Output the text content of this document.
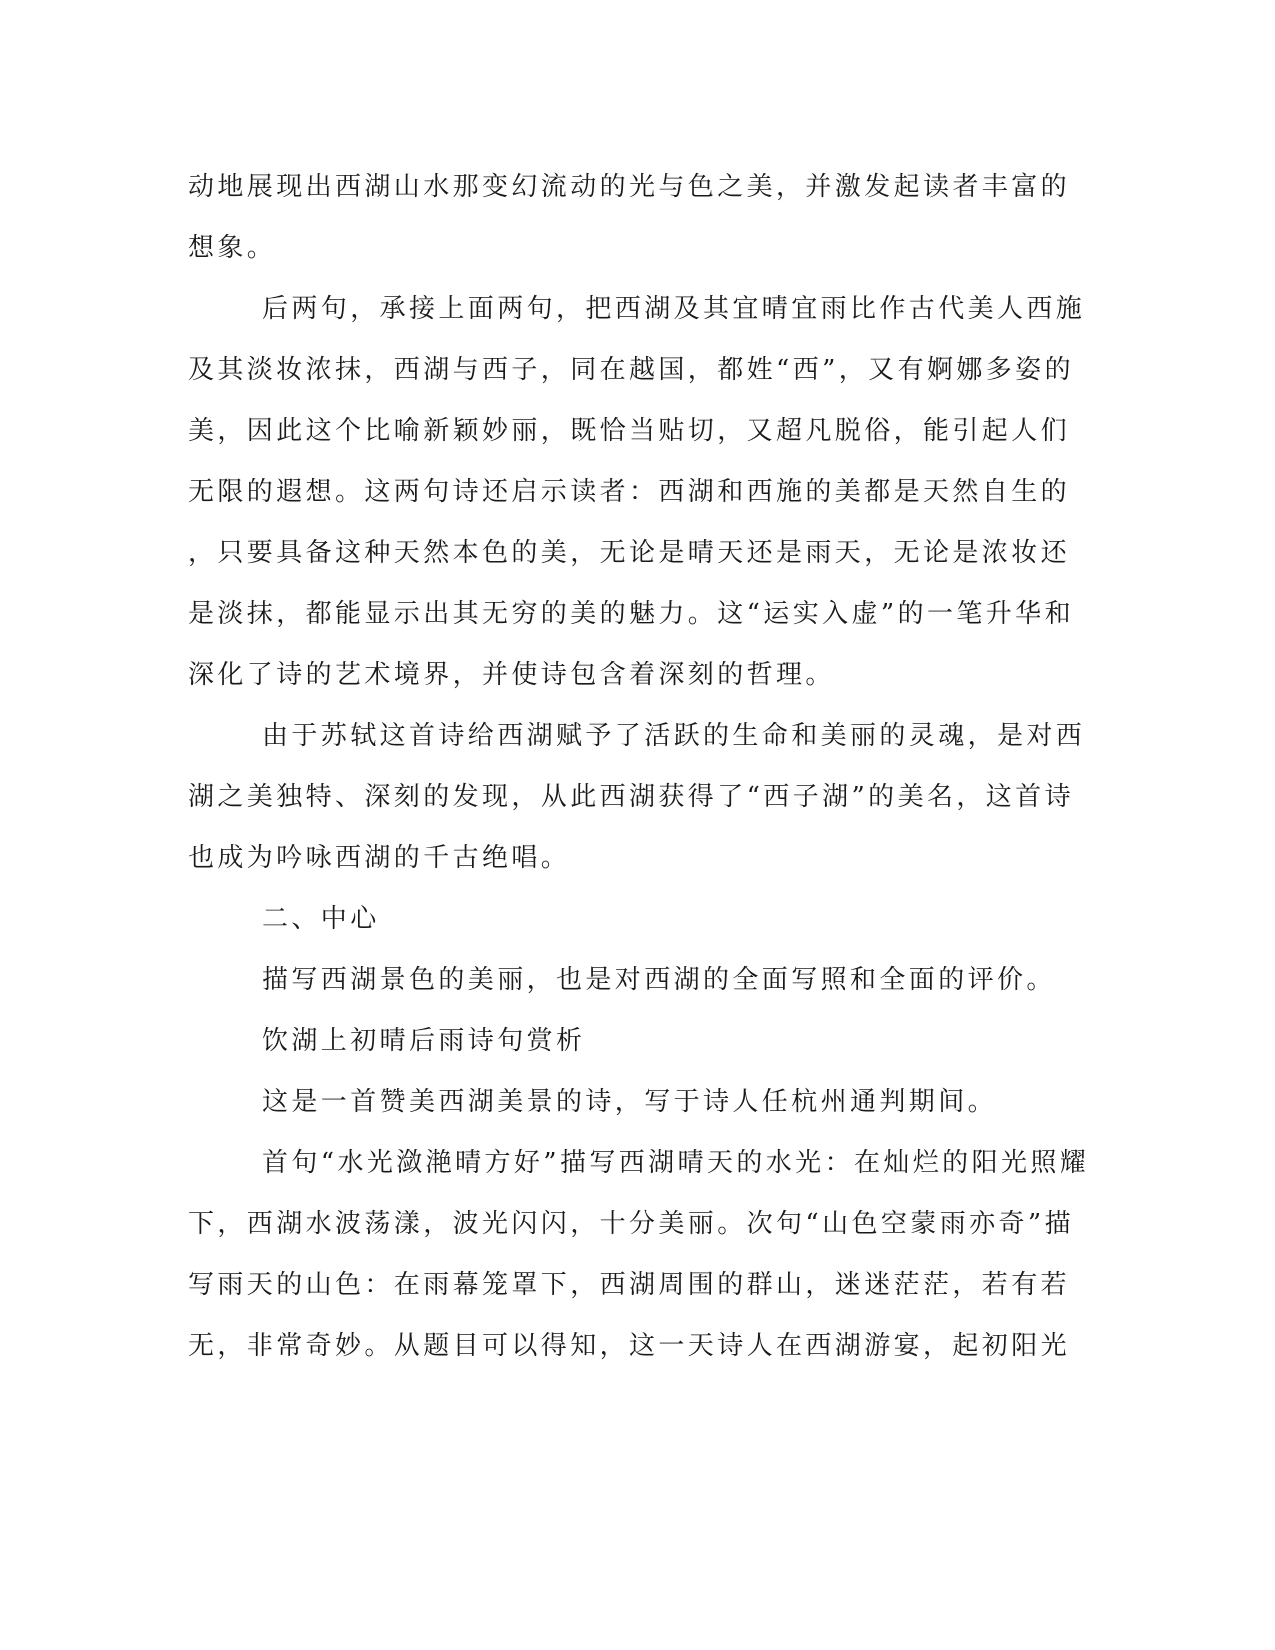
动地展现出西湖山水那变幻流动的光与色之美，并激发起读者丰富的
想象。
后两句，承接上面两句，把西湖及其宜晴宜雨比作古代美人西施
及其淡妆浓抹，西湖与西子，同在越国，都姓“西”，又有婀娜多姿的
美，因此这个比喻新颖妙丽，既恰当贴切，又超凡脱俗，能引起人们
无限的遐想。这两句诗还启示读者：西湖和西施的美都是天然自生的
，只要具备这种天然本色的美，无论是晴天还是雨天，无论是浓妆还
是淡抹，都能显示出其无穷的美的魅力。这“运实入虚”的一笔升华和
深化了诗的艺术境界，并使诗包含着深刻的哲理。
由于苏轼这首诗给西湖赋予了活跃的生命和美丽的灵魂，是对西
湖之美独特、深刻的发现，从此西湖获得了“西子湖”的美名，这首诗
也成为吟咏西湖的千古绝唱。
二、中心
描写西湖景色的美丽，也是对西湖的全面写照和全面的评价。
饮湖上初晴后雨诗句赏析
这是一首赞美西湖美景的诗，写于诗人任杭州通判期间。
首句“水光潋滟晴方好”描写西湖晴天的水光：在灿烂的阳光照耀
下，西湖水波荡漾，波光闪闪，十分美丽。次句“山色空蒙雨亦奇”描
写雨天的山色：在雨幕笼罩下，西湖周围的群山，迷迷茫茫，若有若
无，非常奇妙。从题目可以得知，这一天诗人在西湖游宴，起初阳光
